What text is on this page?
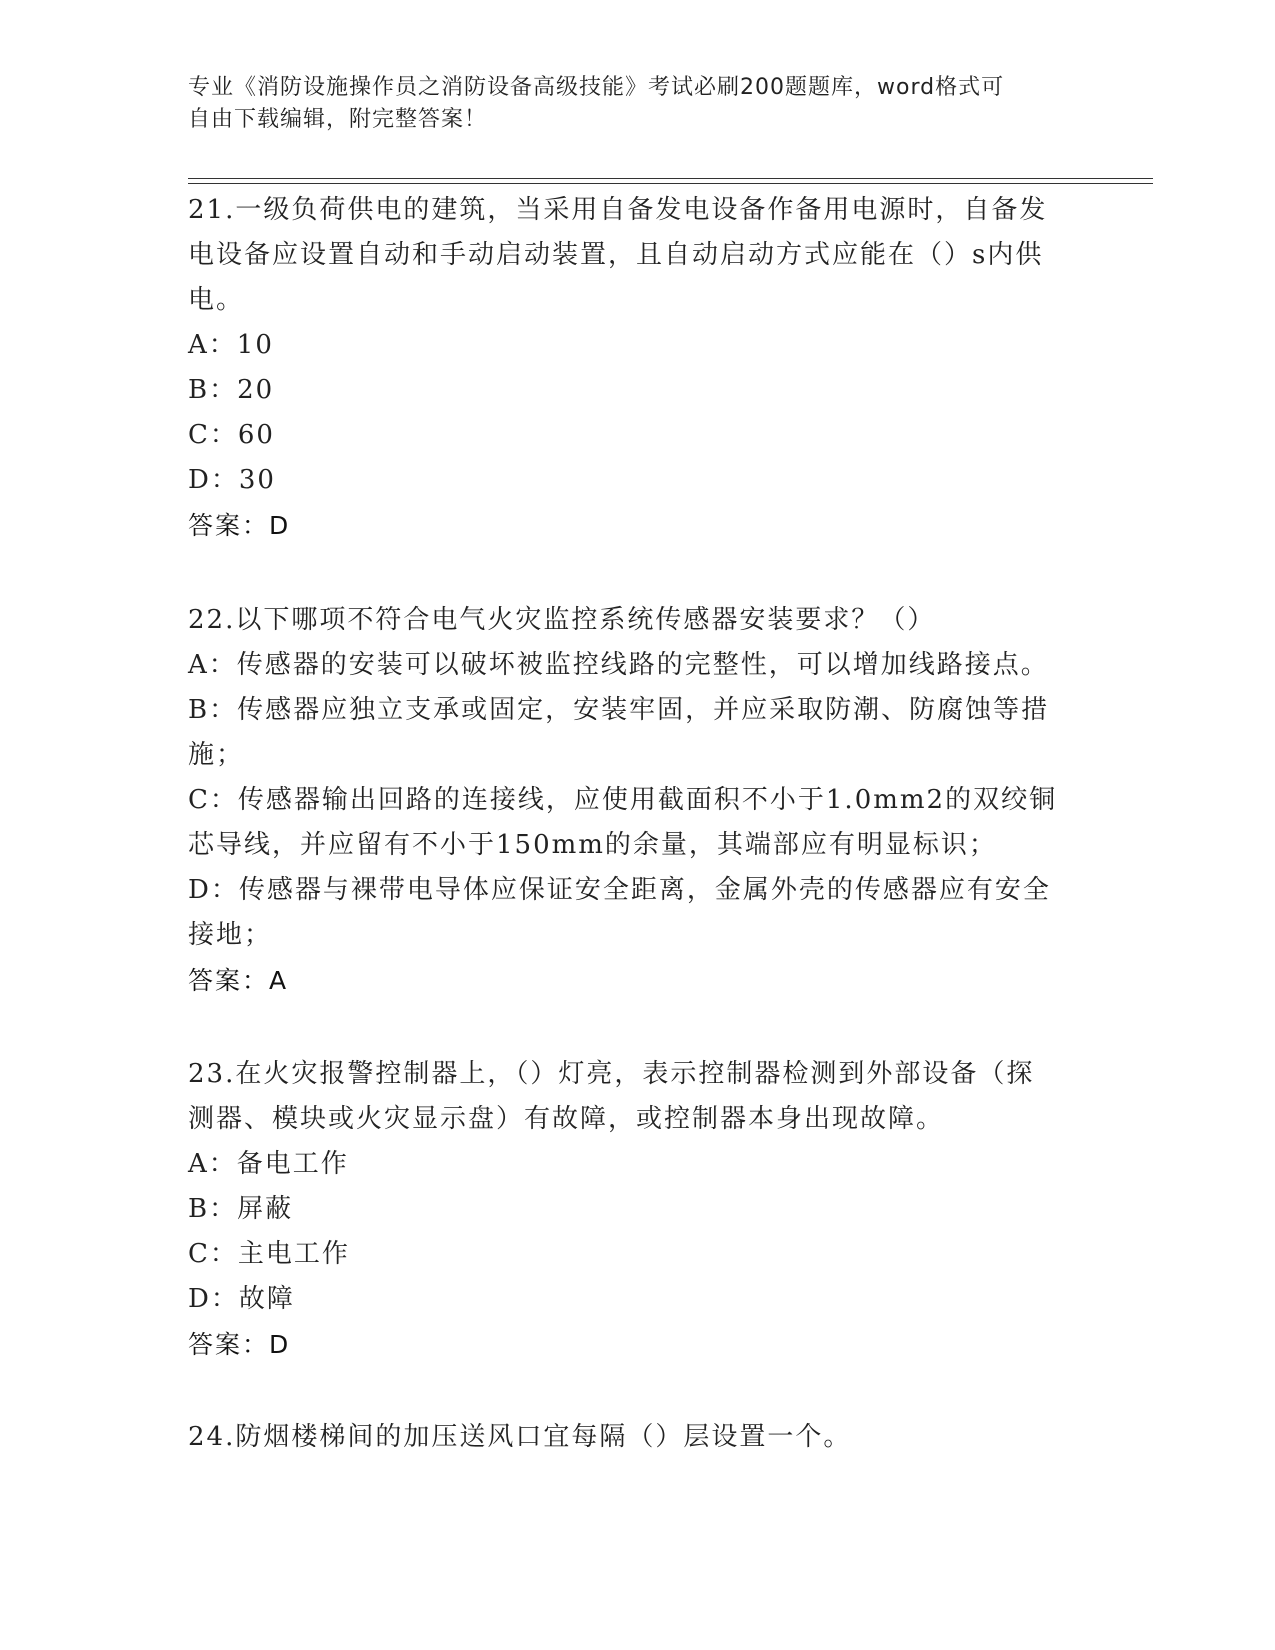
专业《消防设施操作员之消防设备高级技能》考试必刷200题题库，word格式可
自由下载编辑，附完整答案！
21.一级负荷供电的建筑，当采用自备发电设备作备用电源时，自备发
电设备应设置自动和手动启动装置，且自动启动方式应能在（）s内供
电。
A：10
B：20
C：60
D：30
答案：D
22.以下哪项不符合电气火灾监控系统传感器安装要求？（）
A：传感器的安装可以破坏被监控线路的完整性，可以增加线路接点。
B：传感器应独立支承或固定，安装牢固，并应采取防潮、防腐蚀等措
施；
C：传感器输出回路的连接线，应使用截面积不小于1.0mm2的双绞铜
芯导线，并应留有不小于150mm的余量，其端部应有明显标识；
D：传感器与裸带电导体应保证安全距离，金属外壳的传感器应有安全
接地；
答案：A
23.在火灾报警控制器上，（）灯亮，表示控制器检测到外部设备（探
测器、模块或火灾显示盘）有故障，或控制器本身出现故障。
A：备电工作
B：屏蔽
C：主电工作
D：故障
答案：D
24.防烟楼梯间的加压送风口宜每隔（）层设置一个。
